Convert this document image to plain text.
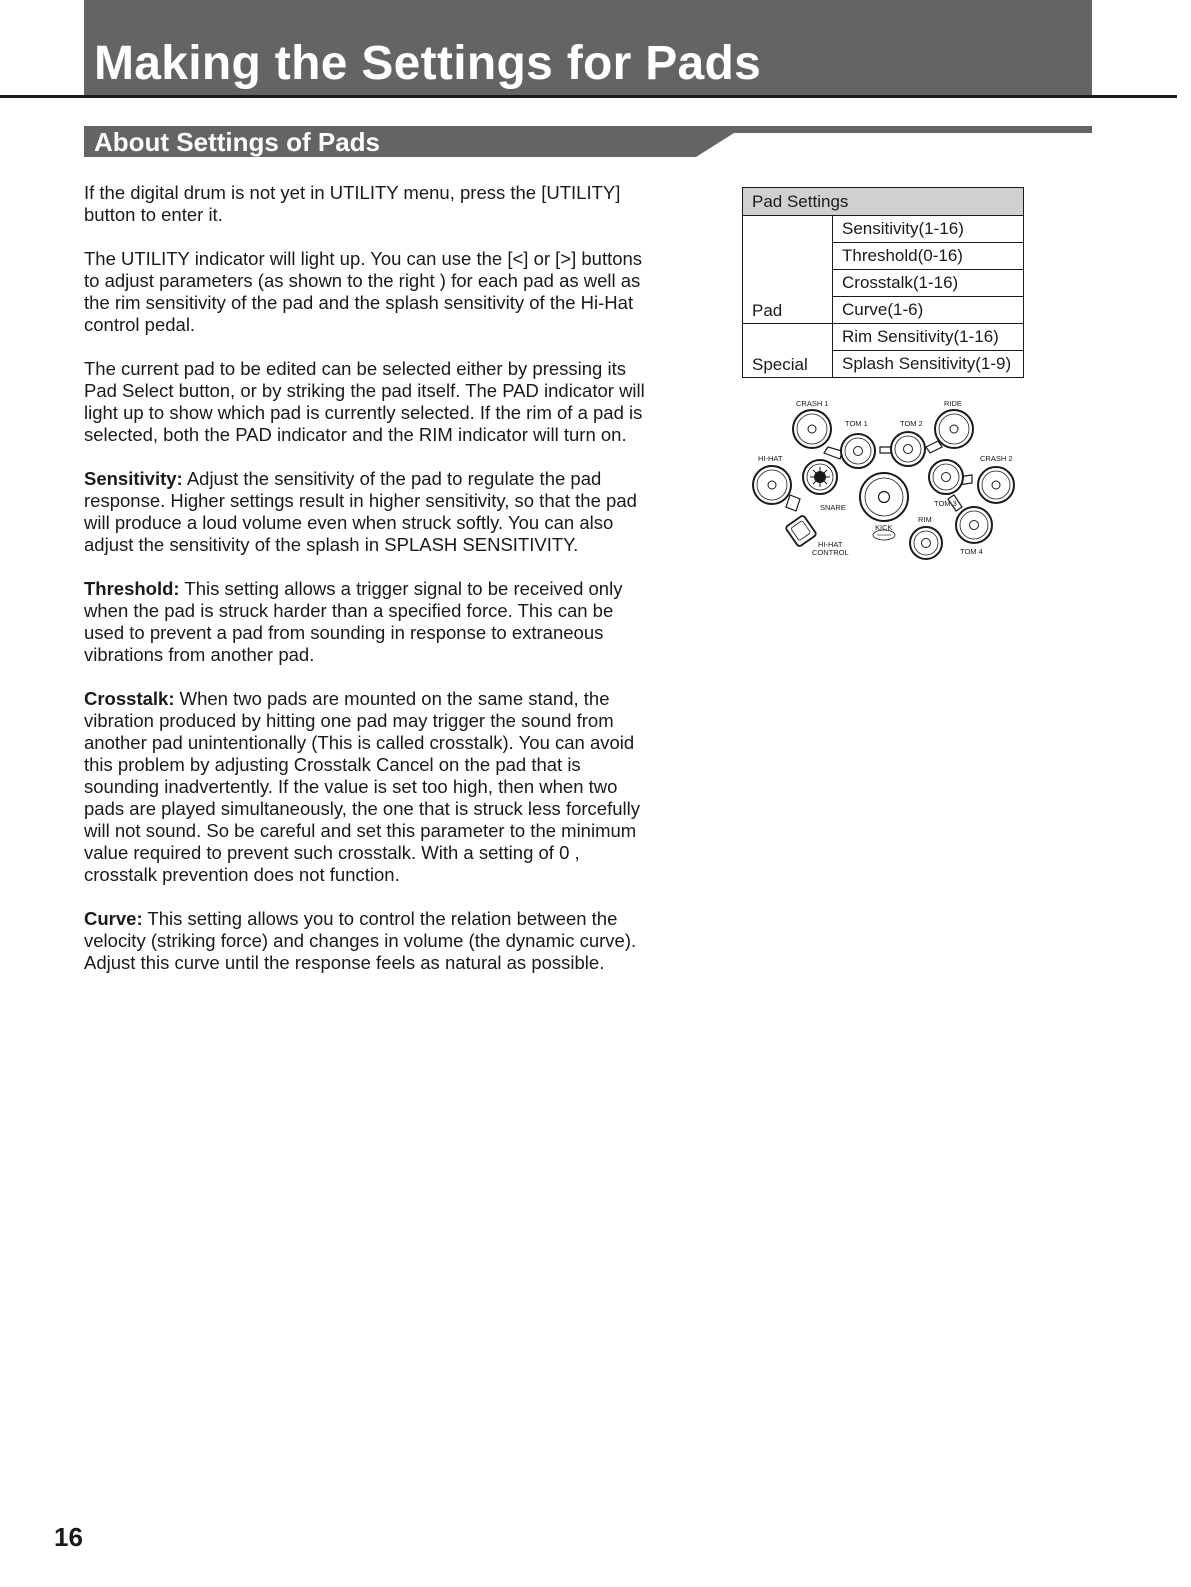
Making the Settings for Pads
About Settings of Pads

If the digital drum is not yet in UTILITY menu, press the [UTILITY] button to enter it.

The UTILITY indicator will light up. You can use the [<] or [>] buttons to adjust parameters (as shown to the right ) for each pad as well as the rim sensitivity of the pad and the splash sensitivity of the Hi-Hat control pedal.

The current pad to be edited can be selected either by pressing its Pad Select button, or by striking the pad itself. The PAD indicator will light up to show which pad is currently selected. If the rim of a pad is selected, both the PAD indicator and the RIM indicator will turn on.

Sensitivity: Adjust the sensitivity of the pad to regulate the pad response. Higher settings result in higher sensitivity, so that the pad will produce a loud volume even when struck softly. You can also adjust the sensitivity of the splash in SPLASH SENSITIVITY.

Threshold: This setting allows a trigger signal to be received only when the pad is struck harder than a specified force. This can be used to prevent a pad from sounding in response to extraneous vibrations from another pad.

Crosstalk: When two pads are mounted on the same stand, the vibration produced by hitting one pad may trigger the sound from another pad unintentionally (This is called crosstalk). You can avoid this problem by adjusting Crosstalk Cancel on the pad that is sounding inadvertently. If the value is set too high, then when two pads are played simultaneously, the one that is struck less forcefully will not sound. So be careful and set this parameter to the minimum value required to prevent such crosstalk. With a setting of 0 , crosstalk prevention does not function.

Curve: This setting allows you to control the relation between the velocity (striking force) and changes in volume (the dynamic curve). Adjust this curve until the response feels as natural as possible.

Pad Settings	
Pad	Sensitivity(1-16)
	Threshold(0-16)
	Crosstalk(1-16)
	Curve(1-6)
Special	Rim Sensitivity(1-16)
	Splash Sensitivity(1-9)
CRASH 1	RIDE
TOM 1	TOM 2
HI-HAT	CRASH 2
SNARE	TOM 3
RIM
KICK
HI-HAT
CONTROL	TOM 4

16
